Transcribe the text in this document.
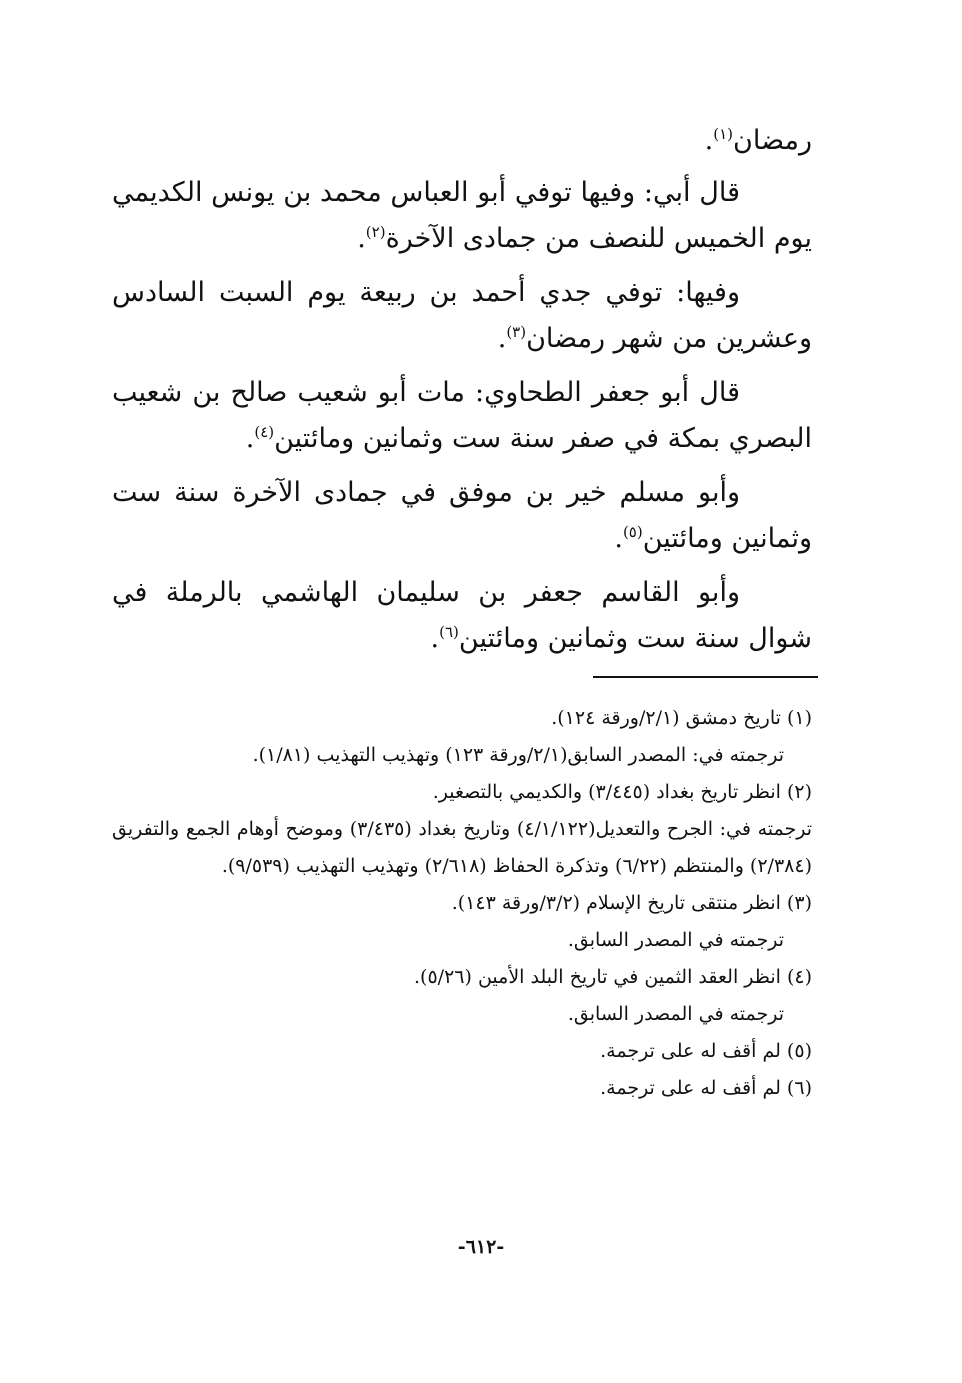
رمضان$^{(١)}$.

قال أبي: وفيها توفي أبو العباس محمد بن يونس الكديمي يوم الخميس للنصف من جمادى الآخرة$^{(٢)}$.

وفيها: توفي جدي أحمد بن ربيعة يوم السبت السادس وعشرين من شهر رمضان$^{(٣)}$.

قال أبو جعفر الطحاوي: مات أبو شعيب صالح بن شعيب البصري بمكة في صفر سنة ست وثمانين ومائتين$^{(٤)}$.

وأبو مسلم خير بن موفق في جمادى الآخرة سنة ست وثمانين ومائتين$^{(٥)}$.

وأبو القاسم جعفر بن سليمان الهاشمي بالرملة في شوال سنة ست وثمانين ومائتين$^{(٦)}$.

(١) تاريخ دمشق (٢/١/ورقة ١٢٤).

ترجمته في: المصدر السابق(٢/١/ورقة ١٢٣) وتهذيب التهذيب (١/٨١).

(٢) انظر تاريخ بغداد (٣/٤٤٥) والكديمي بالتصغير.

ترجمته في: الجرح والتعديل(٤/١/١٢٢) وتاريخ بغداد (٣/٤٣٥) وموضح أوهام الجمع والتفريق (٢/٣٨٤) والمنتظم (٦/٢٢) وتذكرة الحفاظ (٢/٦١٨) وتهذيب التهذيب (٩/٥٣٩).

(٣) انظر منتقى تاريخ الإسلام (٣/٢/ورقة ١٤٣).

ترجمته في المصدر السابق.

(٤) انظر العقد الثمين في تاريخ البلد الأمين (٥/٢٦).

ترجمته في المصدر السابق.

(٥) لم أقف له على ترجمة.

(٦) لم أقف له على ترجمة.

-٦١٢-
